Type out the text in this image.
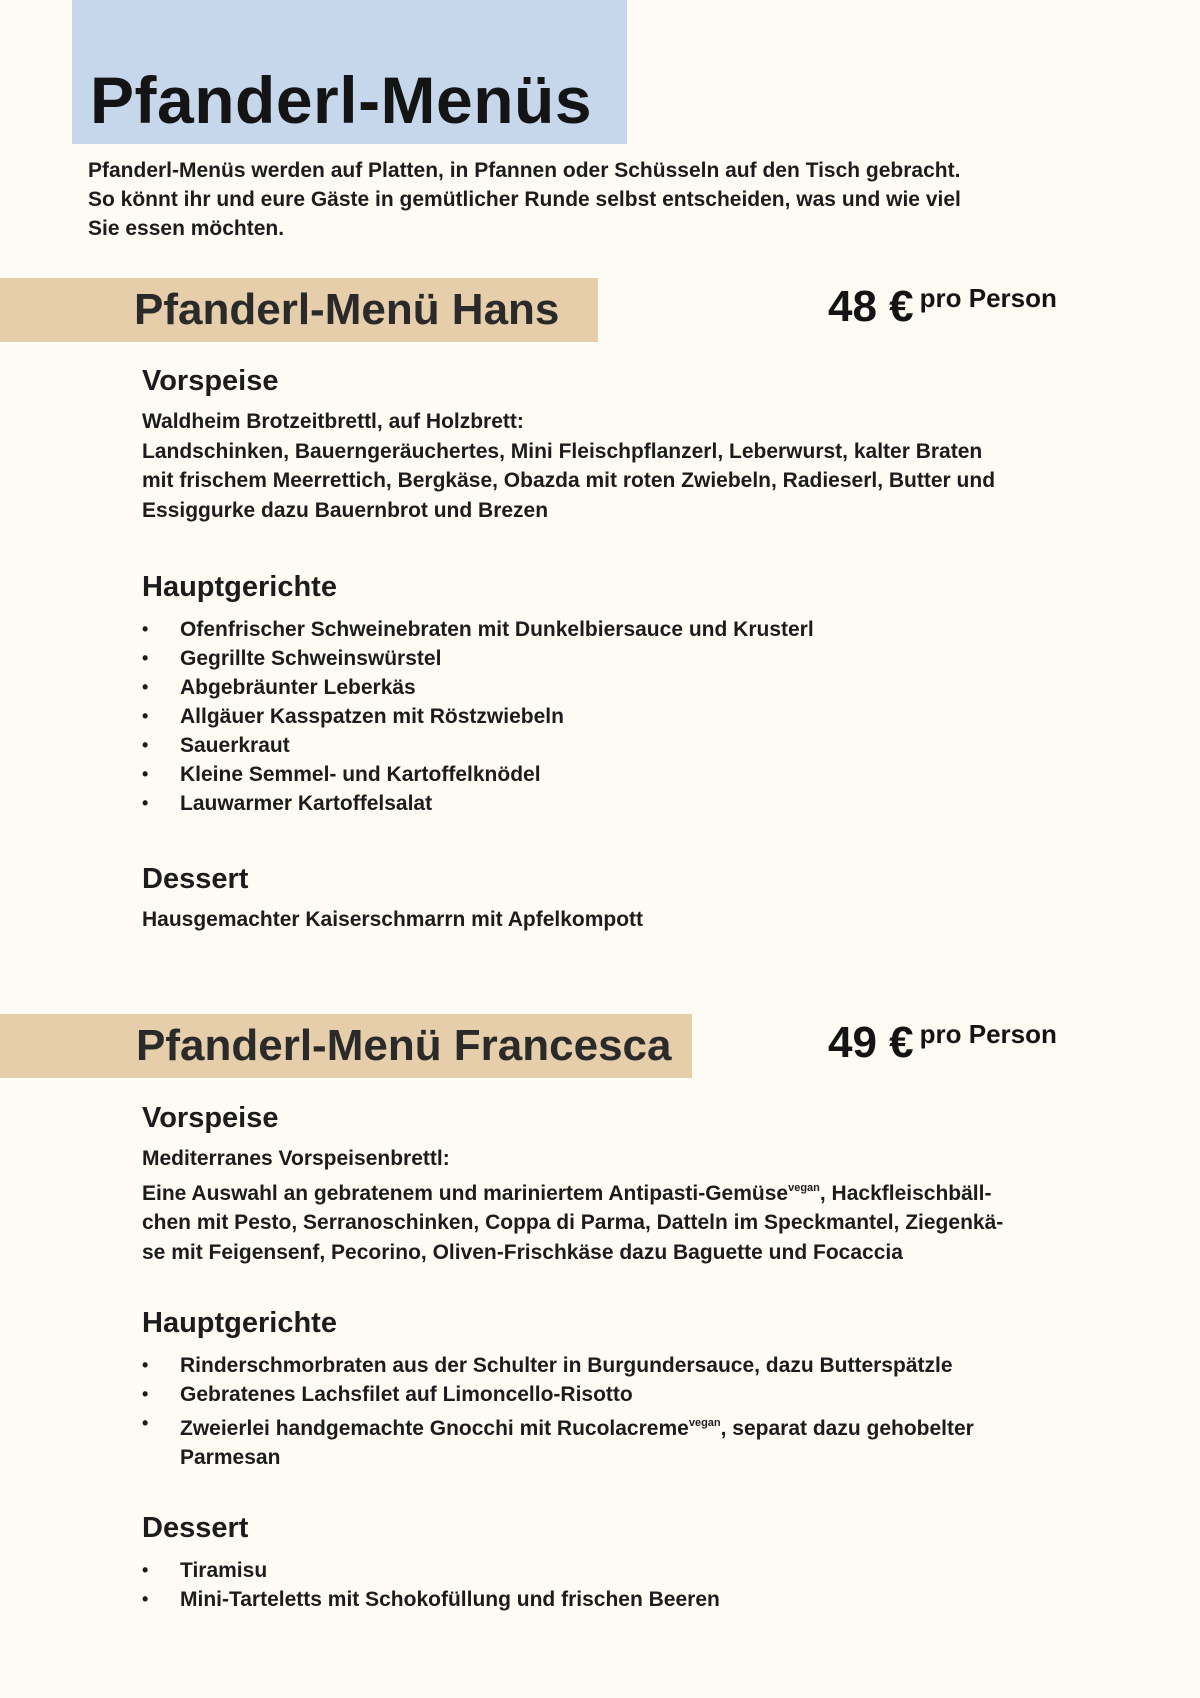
Pfanderl-Menüs

Pfanderl-Menüs werden auf Platten, in Pfannen oder Schüsseln auf den Tisch gebracht.

So könnt ihr und eure Gäste in gemütlicher Runde selbst entscheiden, was und wie viel

Sie essen möchten.

Pfanderl-Menü Hans	48 € pro Person
Vorspeise

Waldheim Brotzeitbrettl, auf Holzbrett:

Landschinken, Bauerngeräuchertes, Mini Fleischpflanzerl, Leberwurst, kalter Braten

mit frischem Meerrettich, Bergkäse, Obazda mit roten Zwiebeln, Radieserl, Butter und

Essiggurke dazu Bauernbrot und Brezen

Hauptgerichte
• Ofenfrischer Schweinebraten mit Dunkelbiersauce und Krusterl
• Gegrillte Schweinswürstel
• Abgebräunter Leberkäs
• Allgäuer Kasspatzen mit Röstzwiebeln
• Sauerkraut
• Kleine Semmel- und Kartoffelknödel
• Lauwarmer Kartoffelsalat
Dessert

Hausgemachter Kaiserschmarrn mit Apfelkompott

Pfanderl-Menü Francesca	49 € pro Person
Vorspeise

Mediterranes Vorspeisenbrettl:

Eine Auswahl an gebratenem und mariniertem Antipasti-Gemüse$^{vegan}$, Hackfleischbäll-

chen mit Pesto, Serranoschinken, Coppa di Parma, Datteln im Speckmantel, Ziegenkä-

se mit Feigensenf, Pecorino, Oliven-Frischkäse dazu Baguette und Focaccia

Hauptgerichte
• Rinderschmorbraten aus der Schulter in Burgundersauce, dazu Butterspätzle
• Gebratenes Lachsfilet auf Limoncello-Risotto
• Zweierlei handgemachte Gnocchi mit Rucolacreme$^{vegan}$, separat dazu gehobelter
Parmesan
Dessert
• Tiramisu
• Mini-Tarteletts mit Schokofüllung und frischen Beeren
